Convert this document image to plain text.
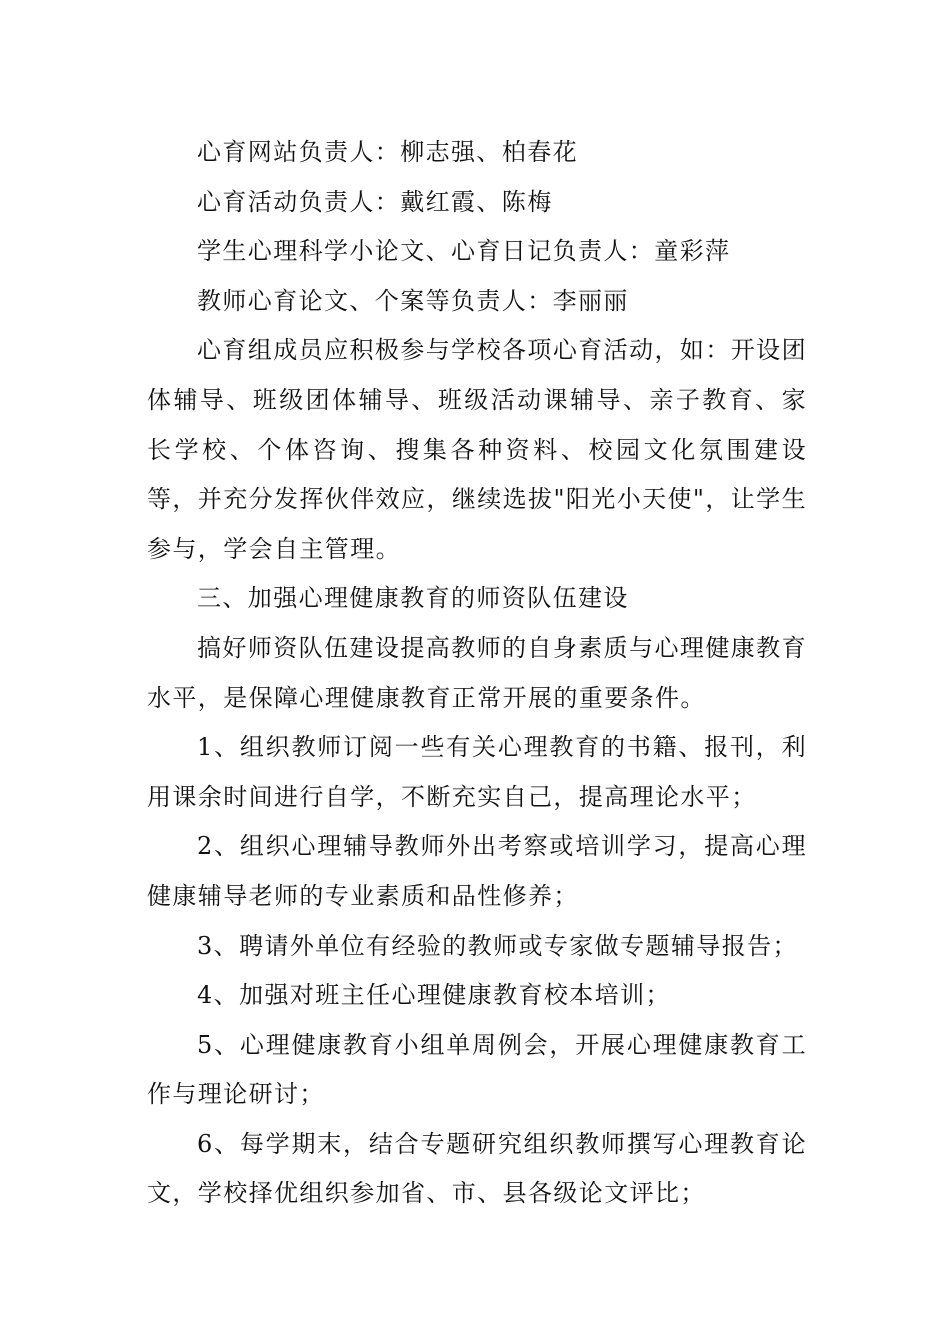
心育网站负责人：柳志强、柏春花

心育活动负责人：戴红霞、陈梅

学生心理科学小论文、心育日记负责人：童彩萍

教师心育论文、个案等负责人：李丽丽

心育组成员应积极参与学校各项心育活动，如：开设团体辅导、班级团体辅导、班级活动课辅导、亲子教育、家长学校、个体咨询、搜集各种资料、校园文化氛围建设等，并充分发挥伙伴效应，继续选拔"阳光小天使"，让学生参与，学会自主管理。

三、加强心理健康教育的师资队伍建设

搞好师资队伍建设提高教师的自身素质与心理健康教育水平，是保障心理健康教育正常开展的重要条件。

1、组织教师订阅一些有关心理教育的书籍、报刊，利用课余时间进行自学，不断充实自己，提高理论水平；

2、组织心理辅导教师外出考察或培训学习，提高心理健康辅导老师的专业素质和品性修养；

3、聘请外单位有经验的教师或专家做专题辅导报告；

4、加强对班主任心理健康教育校本培训；

5、心理健康教育小组单周例会，开展心理健康教育工作与理论研讨；

6、每学期末，结合专题研究组织教师撰写心理教育论文，学校择优组织参加省、市、县各级论文评比；
